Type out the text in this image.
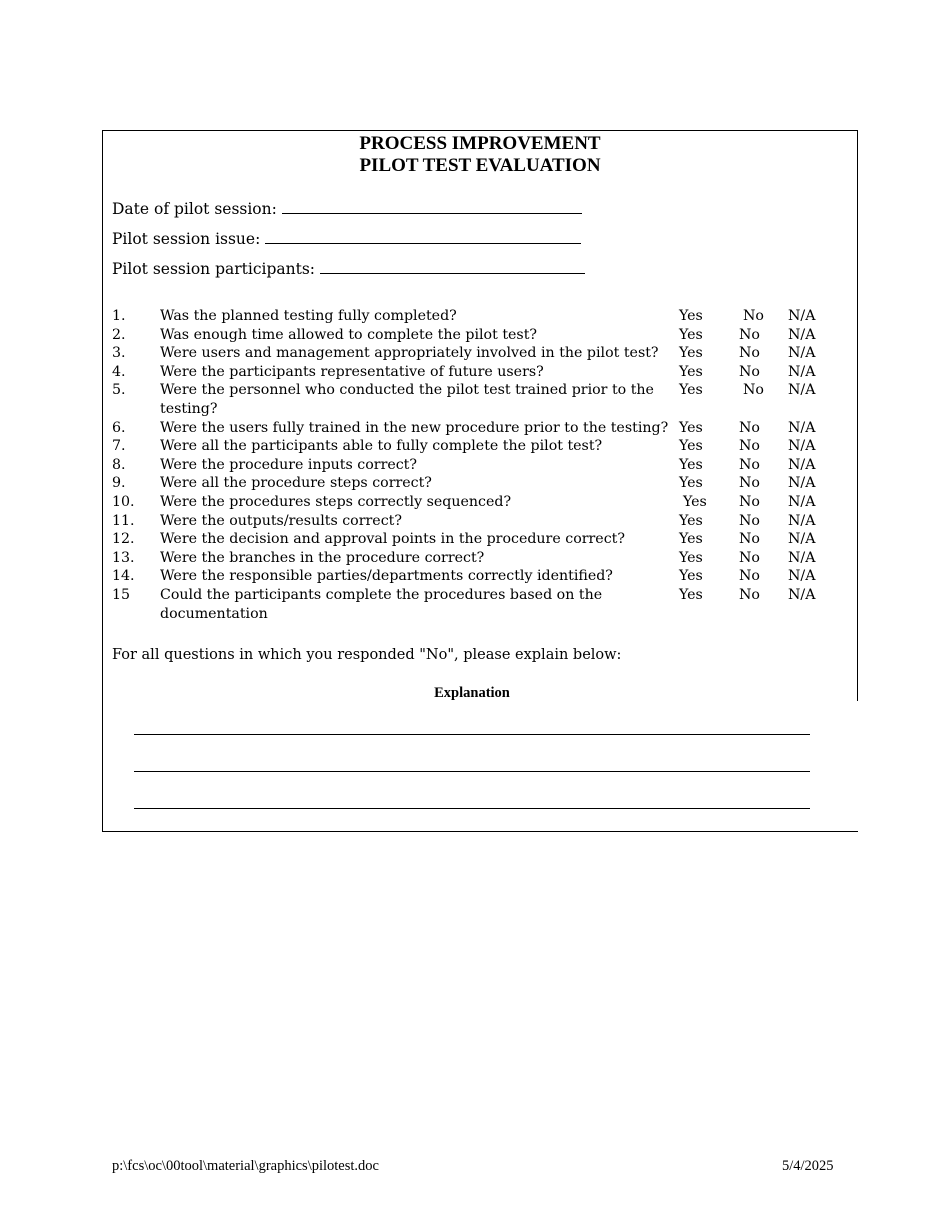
PROCESS IMPROVEMENT
PILOT TEST EVALUATION
Date of pilot session:
Pilot session issue:
Pilot session participants:
1. Was the planned testing fully completed?	Yes	No N/A
2. Was enough time allowed to complete the pilot test?	Yes	No N/A
3. Were users and management appropriately involved in the pilot test?	Yes	No N/A
4. Were the participants representative of future users?	Yes	No N/A
5. Were the personnel who conducted the pilot test trained prior to the testing?
Yes	No N/A
6. Were the users fully trained in the new procedure prior to the testing? Yes	No N/A
7. Were all the participants able to fully complete the pilot test?	Yes	No N/A
8. Were the procedure inputs correct?	Yes	No N/A
9. Were all the procedure steps correct?	Yes	No N/A
10. Were the procedures steps correctly sequenced?	Yes No N/A
11. Were the outputs/results correct?	Yes	No N/A
12. Were the decision and approval points in the procedure correct?	Yes	No N/A
13. Were the branches in the procedure correct?	Yes	No N/A
14. Were the responsible parties/departments correctly identified?	Yes	No N/A
15 Could the participants complete the procedures based on the documentation
Yes	No N/A
For all questions in which you responded "No", please explain below:
Explanation
p:\fcs\oc\00tool\material\graphics\pilotest.doc	5/4/2025
